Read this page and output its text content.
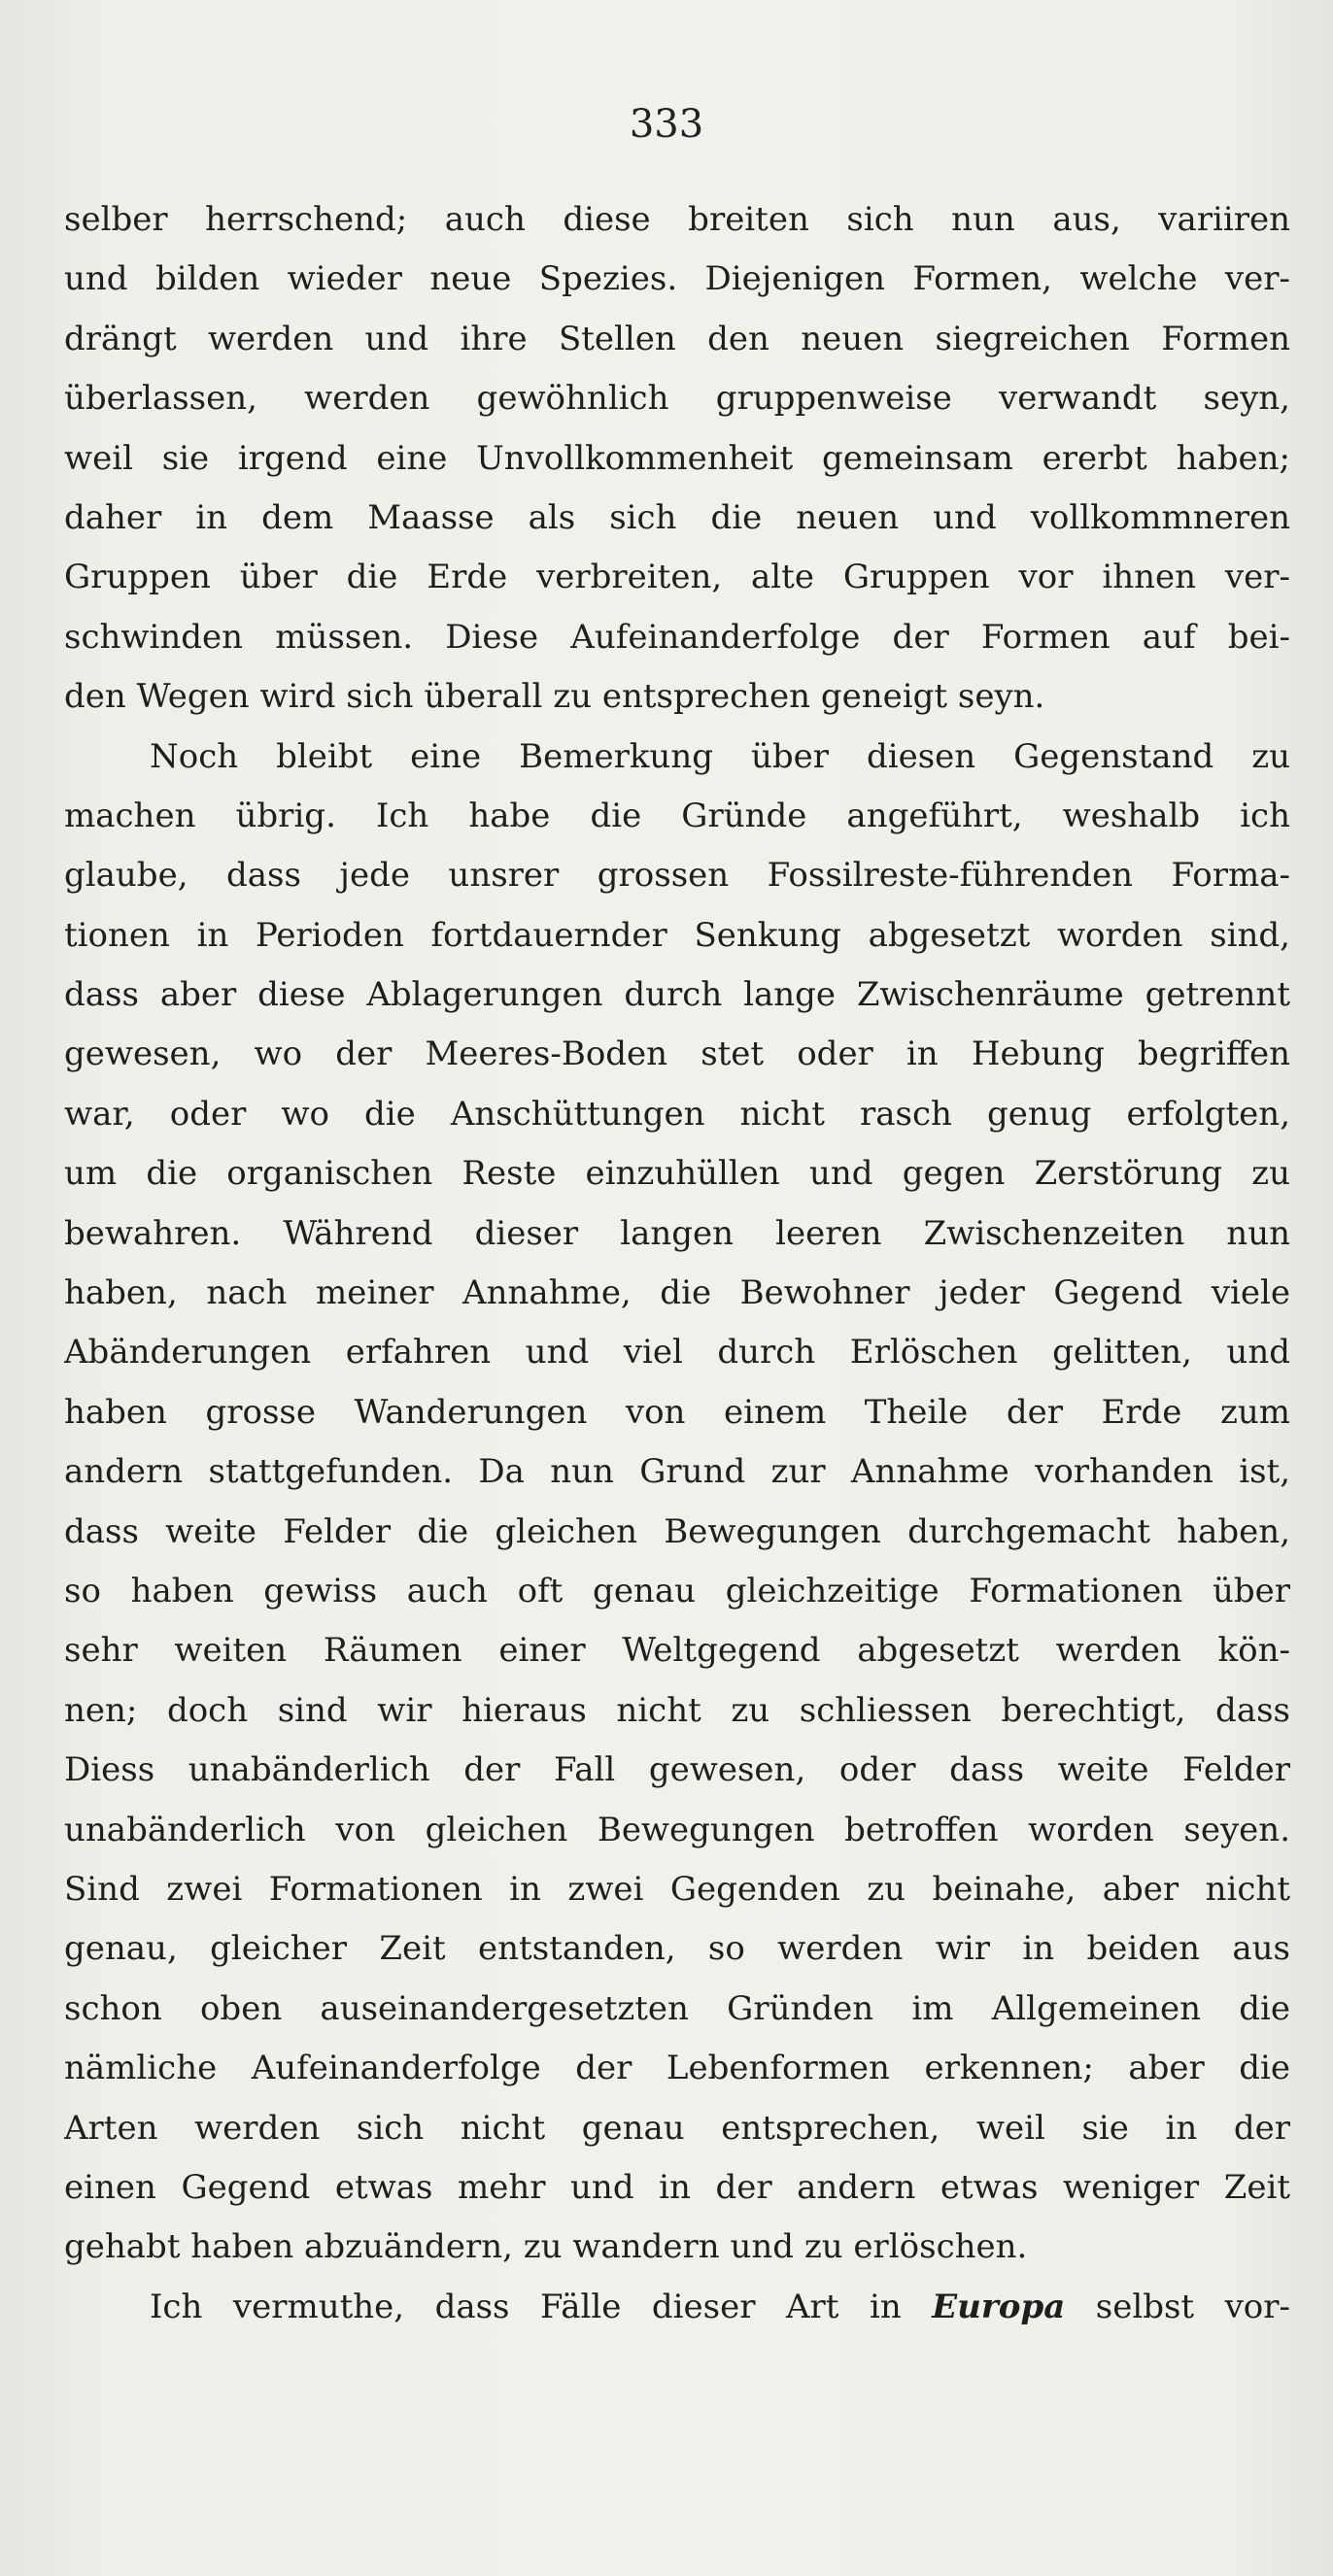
333
selber herrschend; auch diese breiten sich nun aus, variiren
und bilden wieder neue Spezies. Diejenigen Formen, welche ver-
drängt werden und ihre Stellen den neuen siegreichen Formen
überlassen, werden gewöhnlich gruppenweise verwandt seyn,
weil sie irgend eine Unvollkommenheit gemeinsam ererbt haben;
daher in dem Maasse als sich die neuen und vollkommneren
Gruppen über die Erde verbreiten, alte Gruppen vor ihnen ver-
schwinden müssen. Diese Aufeinanderfolge der Formen auf bei-
den Wegen wird sich überall zu entsprechen geneigt seyn.
Noch bleibt eine Bemerkung über diesen Gegenstand zu
machen übrig. Ich habe die Gründe angeführt, weshalb ich
glaube, dass jede unsrer grossen Fossilreste-führenden Forma-
tionen in Perioden fortdauernder Senkung abgesetzt worden sind,
dass aber diese Ablagerungen durch lange Zwischenräume getrennt
gewesen, wo der Meeres-Boden stet oder in Hebung begriffen
war, oder wo die Anschüttungen nicht rasch genug erfolgten,
um die organischen Reste einzuhüllen und gegen Zerstörung zu
bewahren. Während dieser langen leeren Zwischenzeiten nun
haben, nach meiner Annahme, die Bewohner jeder Gegend viele
Abänderungen erfahren und viel durch Erlöschen gelitten, und
haben grosse Wanderungen von einem Theile der Erde zum
andern stattgefunden. Da nun Grund zur Annahme vorhanden ist,
dass weite Felder die gleichen Bewegungen durchgemacht haben,
so haben gewiss auch oft genau gleichzeitige Formationen über
sehr weiten Räumen einer Weltgegend abgesetzt werden kön-
nen; doch sind wir hieraus nicht zu schliessen berechtigt, dass
Diess unabänderlich der Fall gewesen, oder dass weite Felder
unabänderlich von gleichen Bewegungen betroffen worden seyen.
Sind zwei Formationen in zwei Gegenden zu beinahe, aber nicht
genau, gleicher Zeit entstanden, so werden wir in beiden aus
schon oben auseinandergesetzten Gründen im Allgemeinen die
nämliche Aufeinanderfolge der Lebenformen erkennen; aber die
Arten werden sich nicht genau entsprechen, weil sie in der
einen Gegend etwas mehr und in der andern etwas weniger Zeit
gehabt haben abzuändern, zu wandern und zu erlöschen.
Ich vermuthe, dass Fälle dieser Art in Europa selbst vor-
